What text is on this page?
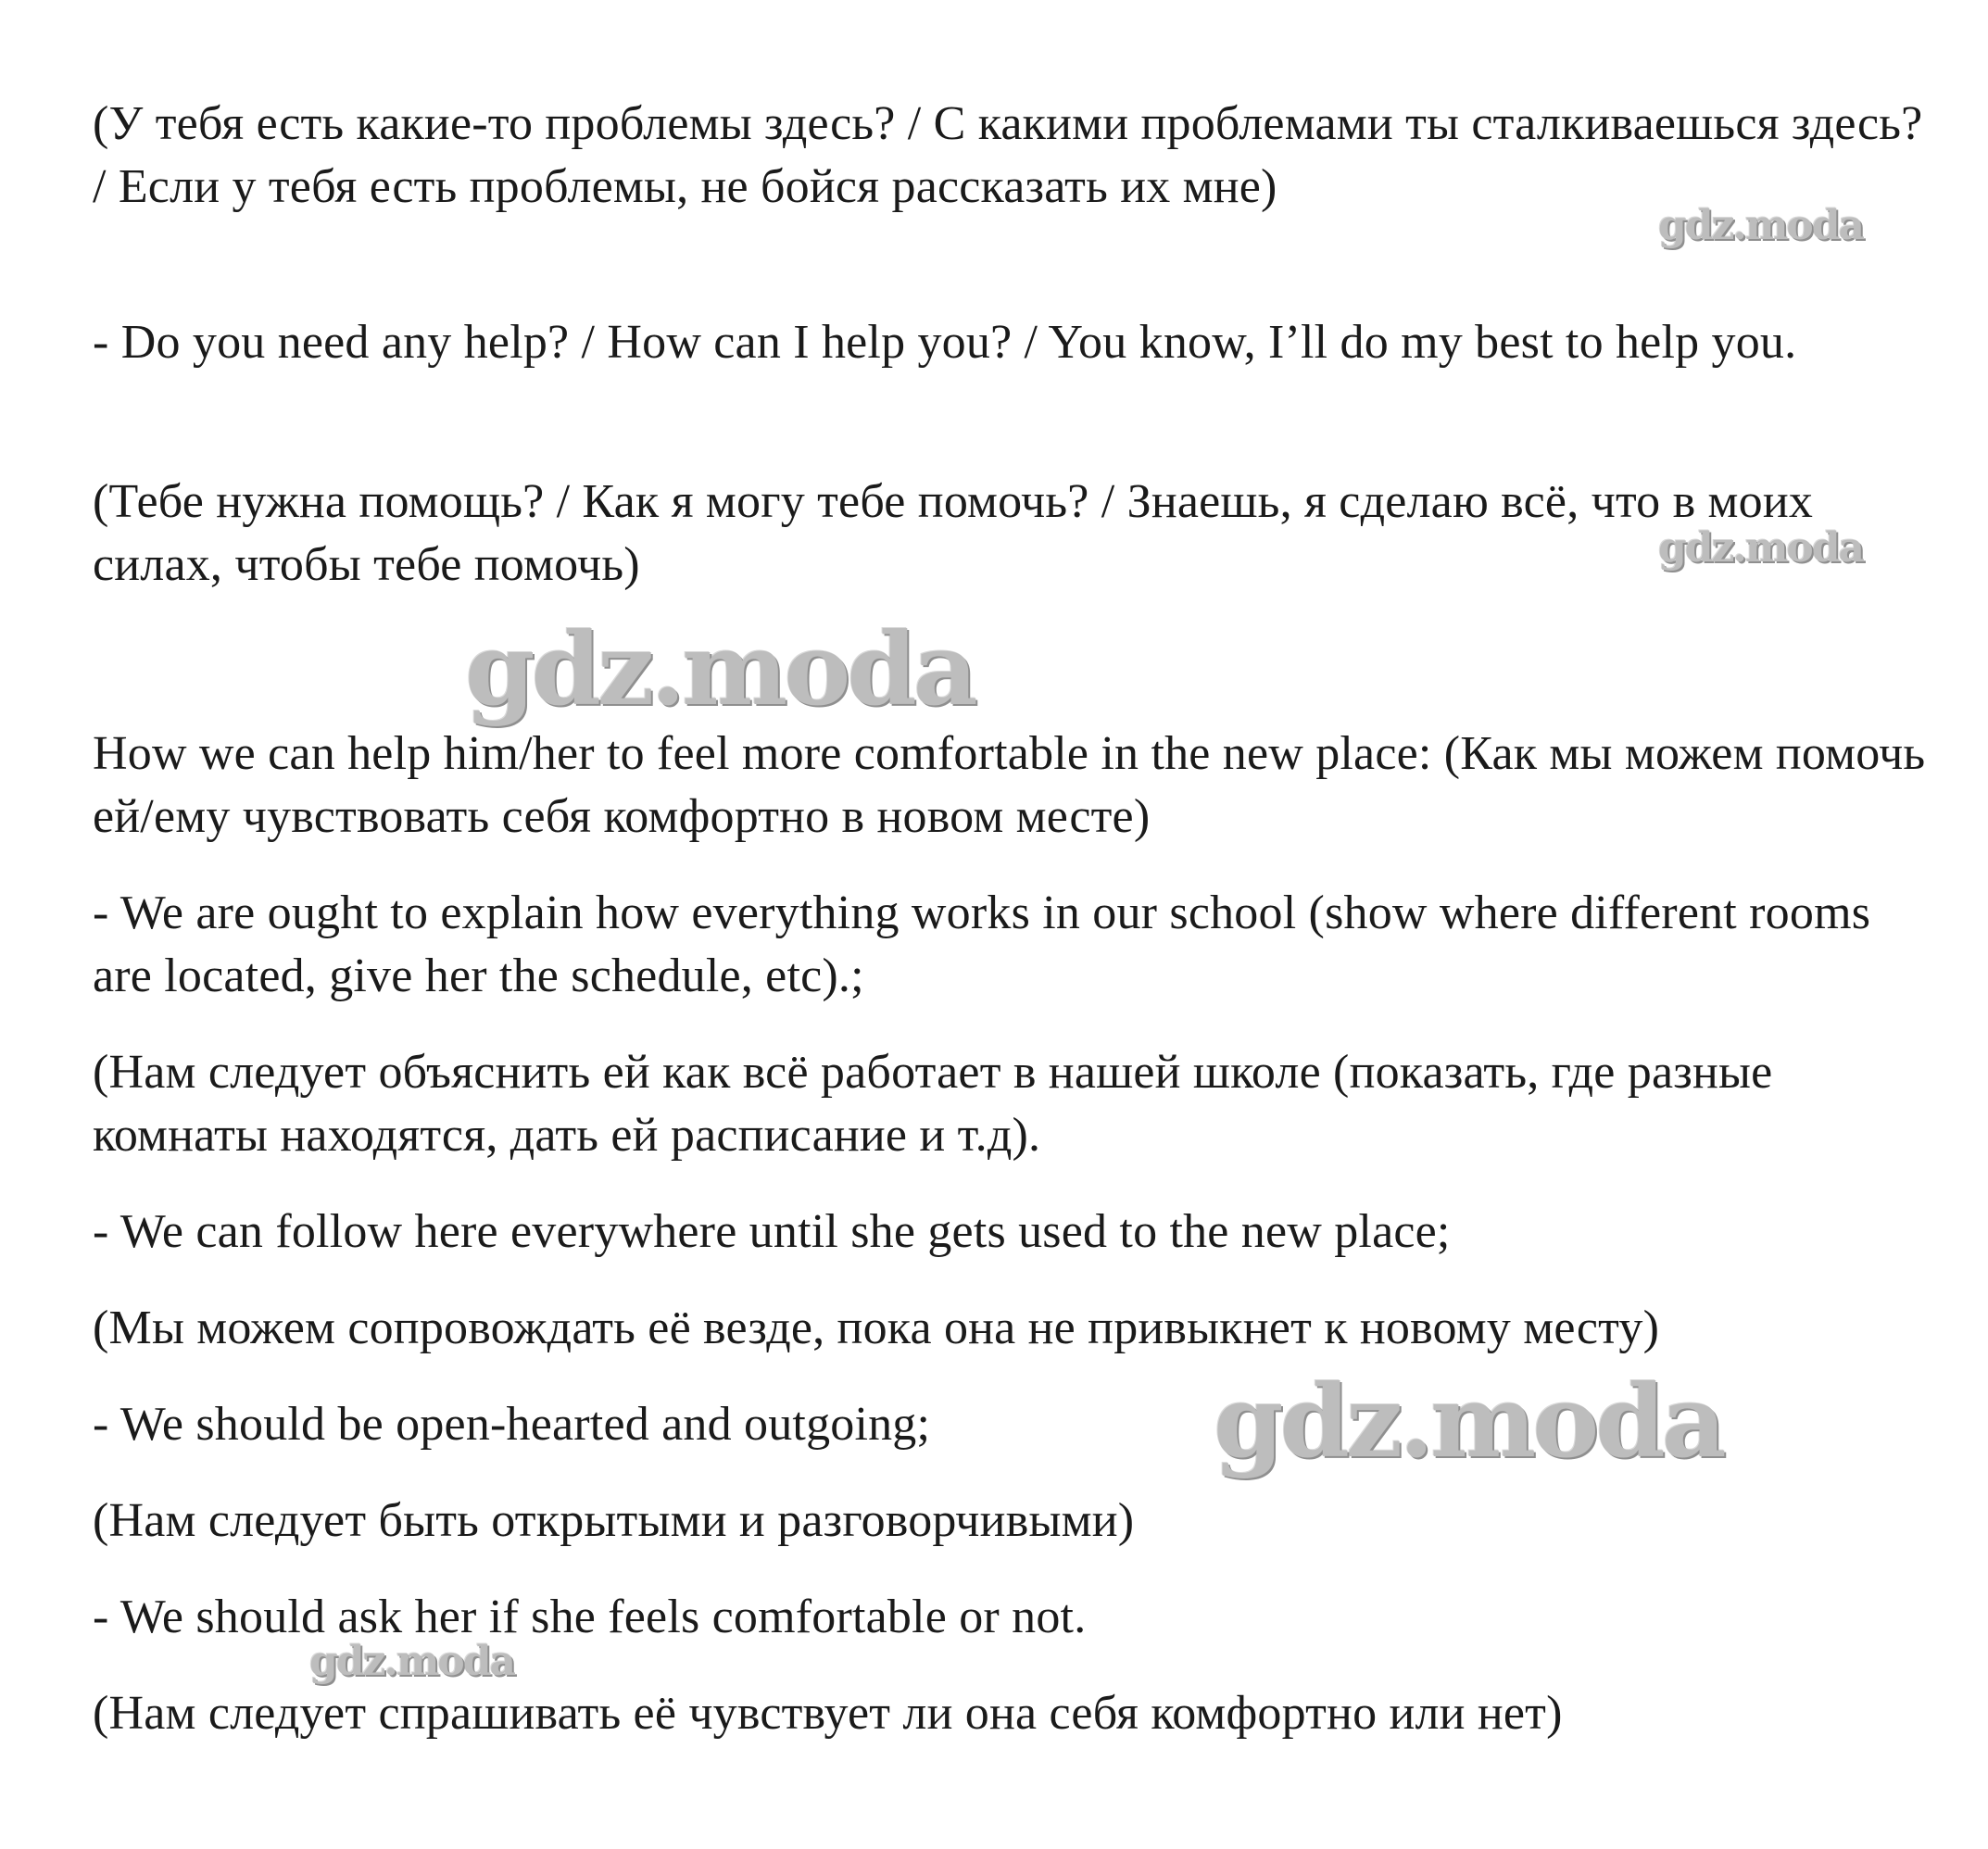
(У тебя есть какие-то проблемы здесь? / С какими проблемами ты сталкиваешься здесь? / Если у тебя есть проблемы, не бойся рассказать их мне)

- Do you need any help? / How can I help you? / You know, I’ll do my best to help you.

(Тебе нужна помощь? / Как я могу тебе помочь? / Знаешь, я сделаю всё, что в моих силах, чтобы тебе помочь)

How we can help him/her to feel more comfortable in the new place: (Как мы можем помочь ей/ему чувствовать себя комфортно в новом месте)

- We are ought to explain how everything works in our school (show where different rooms are located, give her the schedule, etc).;

(Нам следует объяснить ей как всё работает в нашей школе (показать, где разные комнаты находятся, дать ей расписание и т.д).

- We can follow here everywhere until she gets used to the new place;

(Мы можем сопровождать её везде, пока она не привыкнет к новому месту)

- We should be open-hearted and outgoing;

(Нам следует быть открытыми и разговорчивыми)

- We should ask her if she feels comfortable or not.

(Нам следует спрашивать её чувствует ли она себя комфортно или нет)

gdz.moda
gdz.moda
gdz.moda
gdz.moda
gdz.moda
